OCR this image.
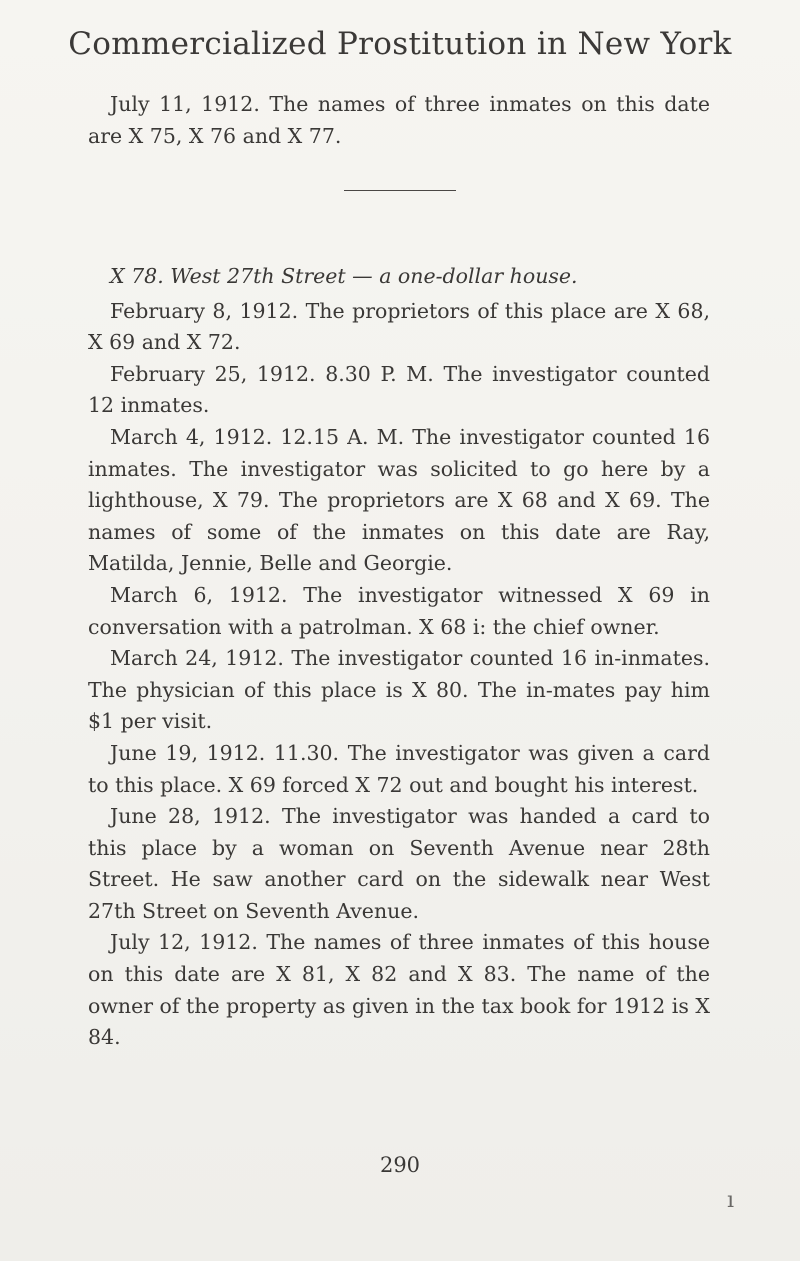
Commercialized Prostitution in New York

July 11, 1912. The names of three inmates on this date are X 75, X 76 and X 77.

X 78. West 27th Street — a one-dollar house.

February 8, 1912. The proprietors of this place are X 68, X 69 and X 72.

February 25, 1912. 8.30 P. M. The investigator counted 12 inmates.

March 4, 1912. 12.15 A. M. The investigator counted 16 inmates. The investigator was solicited to go here by a lighthouse, X 79. The proprietors are X 68 and X 69. The names of some of the inmates on this date are Ray, Matilda, Jennie, Belle and Georgie.

March 6, 1912. The investigator witnessed X 69 in conversation with a patrolman. X 68 i: the chief owner.

March 24, 1912. The investigator counted 16 in-inmates. The physician of this place is X 80. The in-mates pay him $1 per visit.

June 19, 1912. 11.30. The investigator was given a card to this place. X 69 forced X 72 out and bought his interest.

June 28, 1912. The investigator was handed a card to this place by a woman on Seventh Avenue near 28th Street. He saw another card on the sidewalk near West 27th Street on Seventh Avenue.

July 12, 1912. The names of three inmates of this house on this date are X 81, X 82 and X 83. The name of the owner of the property as given in the tax book for 1912 is X 84.

290
ı
